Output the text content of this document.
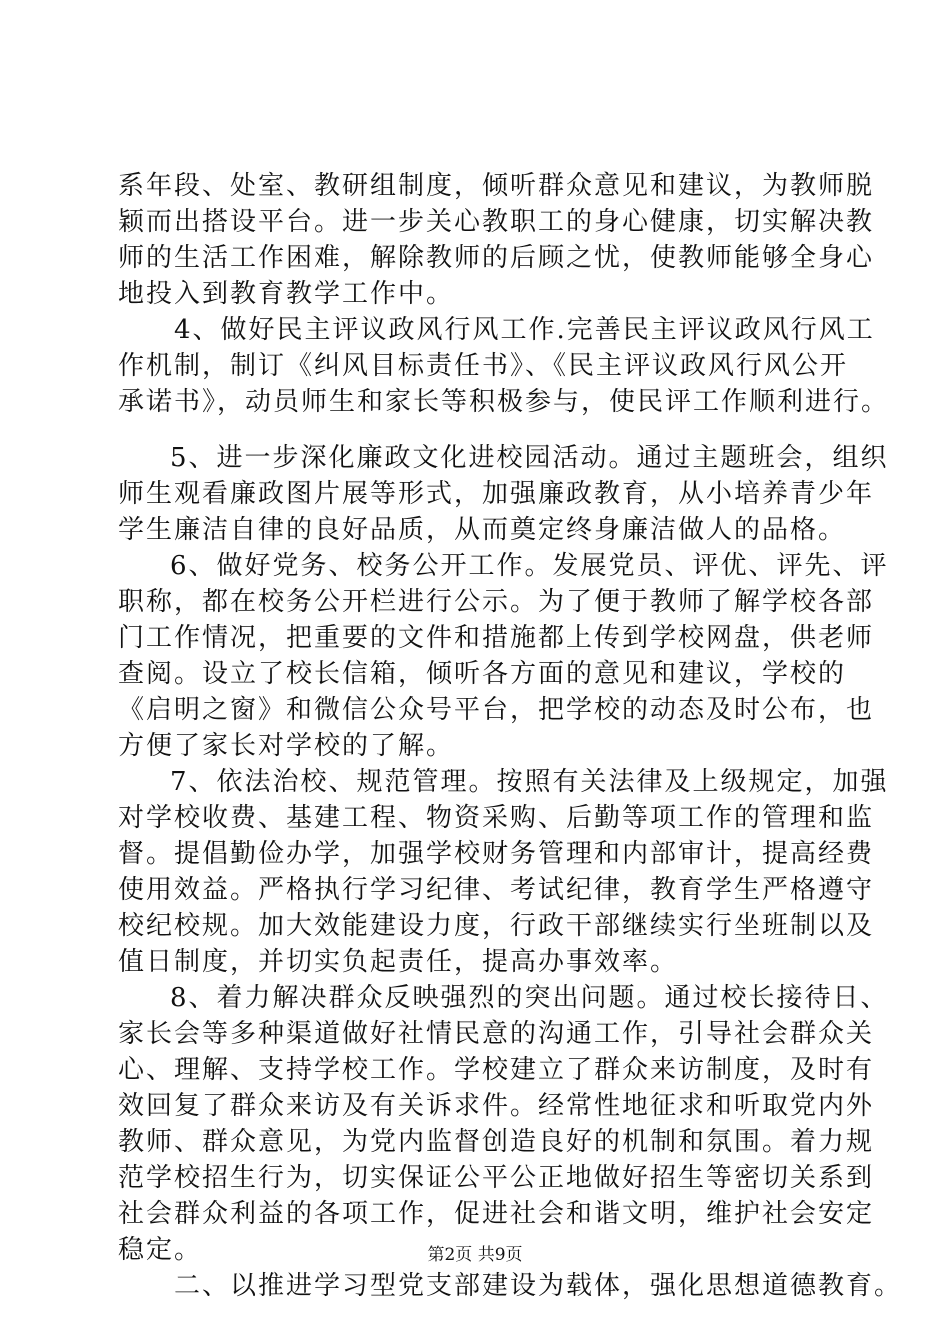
系年段、处室、教研组制度，倾听群众意见和建议，为教师脱
颖而出搭设平台。进一步关心教职工的身心健康，切实解决教
师的生活工作困难，解除教师的后顾之忧，使教师能够全身心
地投入到教育教学工作中。
4、做好民主评议政风行风工作.完善民主评议政风行风工
作机制，制订《纠风目标责任书》、《民主评议政风行风公开
承诺书》，动员师生和家长等积极参与，使民评工作顺利进行。
5、进一步深化廉政文化进校园活动。通过主题班会，组织
师生观看廉政图片展等形式，加强廉政教育，从小培养青少年
学生廉洁自律的良好品质，从而奠定终身廉洁做人的品格。
6、做好党务、校务公开工作。发展党员、评优、评先、评
职称，都在校务公开栏进行公示。为了便于教师了解学校各部
门工作情况，把重要的文件和措施都上传到学校网盘，供老师
查阅。设立了校长信箱，倾听各方面的意见和建议，学校的
《启明之窗》和微信公众号平台，把学校的动态及时公布，也
方便了家长对学校的了解。
7、依法治校、规范管理。按照有关法律及上级规定，加强
对学校收费、基建工程、物资采购、后勤等项工作的管理和监
督。提倡勤俭办学，加强学校财务管理和内部审计，提高经费
使用效益。严格执行学习纪律、考试纪律，教育学生严格遵守
校纪校规。加大效能建设力度，行政干部继续实行坐班制以及
值日制度，并切实负起责任，提高办事效率。
8、着力解决群众反映强烈的突出问题。通过校长接待日、
家长会等多种渠道做好社情民意的沟通工作，引导社会群众关
心、理解、支持学校工作。学校建立了群众来访制度，及时有
效回复了群众来访及有关诉求件。经常性地征求和听取党内外
教师、群众意见，为党内监督创造良好的机制和氛围。着力规
范学校招生行为，切实保证公平公正地做好招生等密切关系到
社会群众利益的各项工作，促进社会和谐文明，维护社会安定
稳定。
二、以推进学习型党支部建设为载体，强化思想道德教育。
第2页 共9页
